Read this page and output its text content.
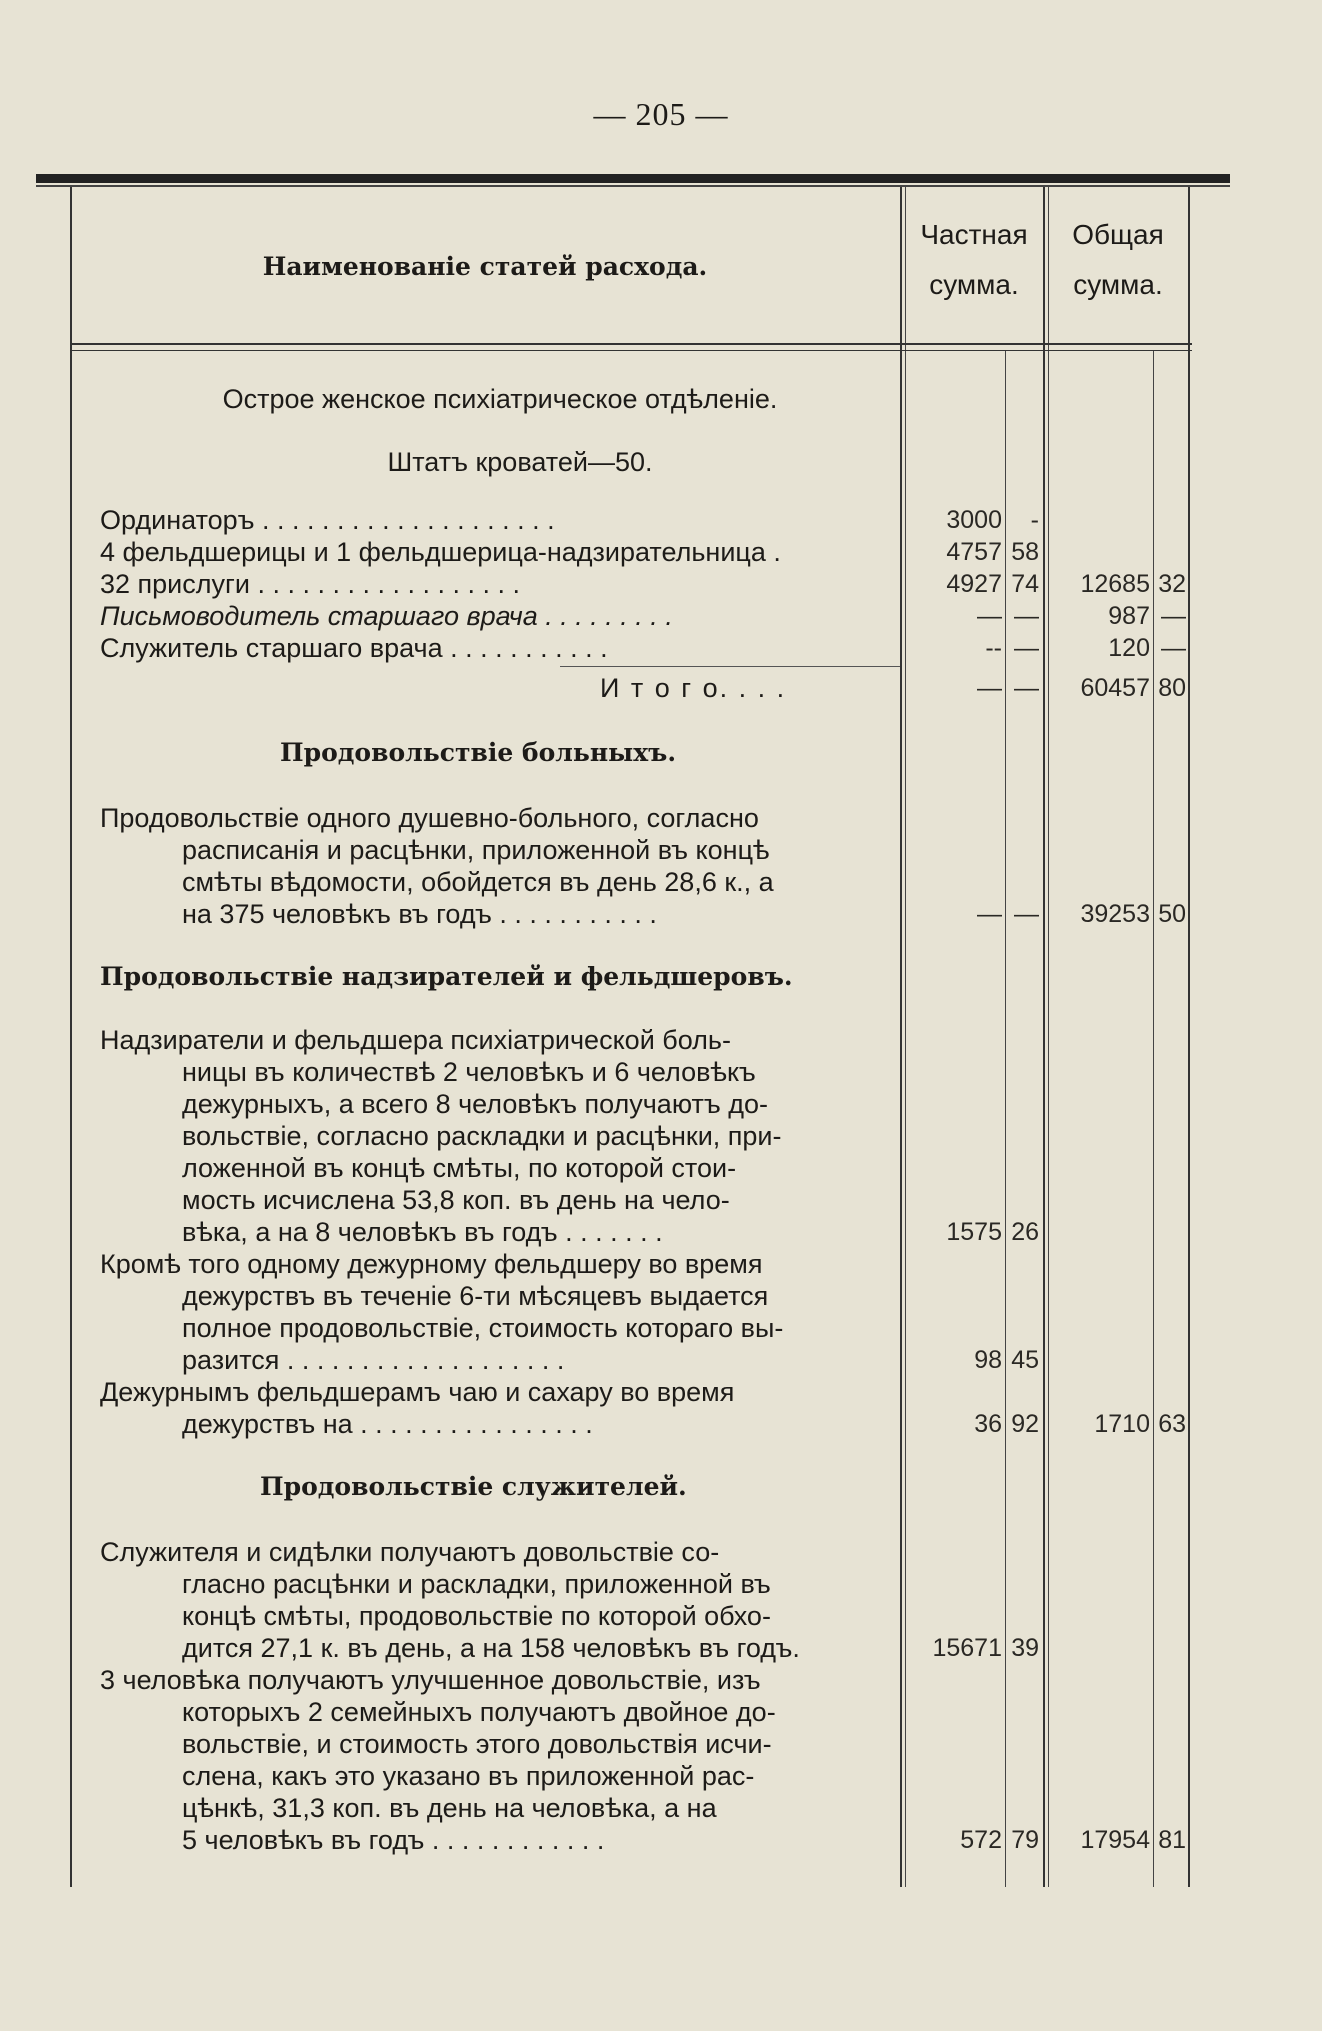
— 205 —
Наименованіе статей расхода.
Частная
сумма.
Общая
сумма.
Острое женское психіатрическое отдѣленіе.
Штатъ кроватей—50.
Ординаторъ . . . . . . . . . . . . . . . . . . . .	3000	-
4 фельдшерицы и 1 фельдшерица-надзирательница .	4757 58
32 прислуги . . . . . . . . . . . . . . . . . .	4927 74	12685 32
Письмоводитель старшаго врача . . . . . . . . .	— —	987 —
Служитель старшаго врача . . . . . . . . . . .	-- —	120 —
И т о г о. . . .	— —	60457 80
Продовольствіе больныхъ.
Продовольствіе одного душевно-больного, согласно
расписанія и расцѣнки, приложенной въ концѣ
смѣты вѣдомости, обойдется въ день 28,6 к., а
на 375 человѣкъ въ годъ . . . . . . . . . . .	— —	39253 50
Продовольствіе надзирателей и фельдшеровъ.
Надзиратели и фельдшера психіатрической боль-
ницы въ количествѣ 2 человѣкъ и 6 человѣкъ
дежурныхъ, а всего 8 человѣкъ получаютъ до-
вольствіе, согласно раскладки и расцѣнки, при-
ложенной въ концѣ смѣты, по которой стои-
мость исчислена 53,8 коп. въ день на чело-
вѣка, а на 8 человѣкъ въ годъ . . . . . . .	1575 26
Кромѣ того одному дежурному фельдшеру во время
дежурствъ въ теченіе 6-ти мѣсяцевъ выдается
полное продовольствіе, стоимость котораго вы-
разится . . . . . . . . . . . . . . . . . . .	98 45
Дежурнымъ фельдшерамъ чаю и сахару во время
дежурствъ на . . . . . . . . . . . . . . . .	36 92	1710 63
Продовольствіе служителей.
Служителя и сидѣлки получаютъ довольствіе со-
гласно расцѣнки и раскладки, приложенной въ
концѣ смѣты, продовольствіе по которой обхо-
дится 27,1 к. въ день, а на 158 человѣкъ въ годъ.	15671 39
3 человѣка получаютъ улучшенное довольствіе, изъ
которыхъ 2 семейныхъ получаютъ двойное до-
вольствіе, и стоимость этого довольствія исчи-
слена, какъ это указано въ приложенной рас-
цѣнкѣ, 31,3 коп. въ день на человѣка, а на
5 человѣкъ въ годъ . . . . . . . . . . . .	572 79	17954 81
